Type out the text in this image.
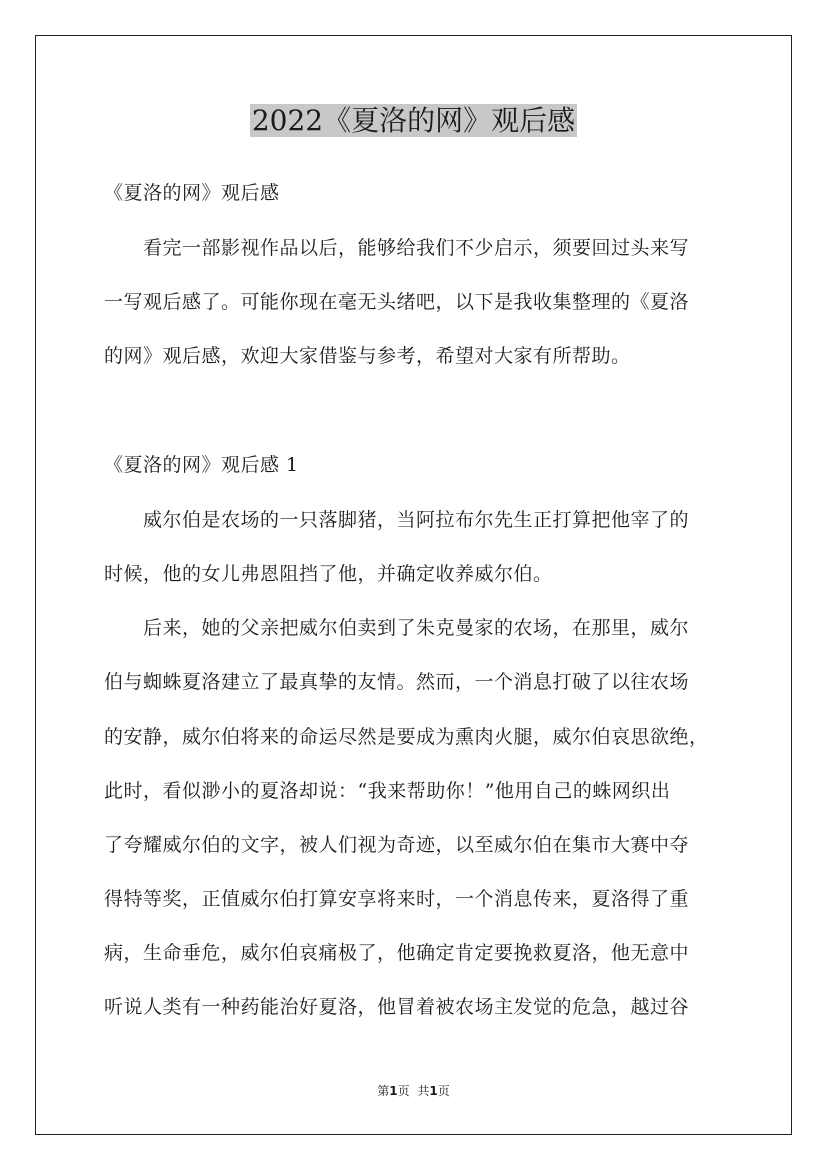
2022《夏洛的网》观后感
《夏洛的网》观后感
看完一部影视作品以后，能够给我们不少启示，须要回过头来写
一写观后感了。可能你现在毫无头绪吧，以下是我收集整理的《夏洛
的网》观后感，欢迎大家借鉴与参考，希望对大家有所帮助。
《夏洛的网》观后感 1
威尔伯是农场的一只落脚猪，当阿拉布尔先生正打算把他宰了的
时候，他的女儿弗恩阻挡了他，并确定收养威尔伯。
后来，她的父亲把威尔伯卖到了朱克曼家的农场，在那里，威尔
伯与蜘蛛夏洛建立了最真挚的友情。然而，一个消息打破了以往农场
的安静，威尔伯将来的命运尽然是要成为熏肉火腿，威尔伯哀思欲绝，
此时，看似渺小的夏洛却说：“我来帮助你！”他用自己的蛛网织出
了夸耀威尔伯的文字，被人们视为奇迹，以至威尔伯在集市大赛中夺
得特等奖，正值威尔伯打算安享将来时，一个消息传来，夏洛得了重
病，生命垂危，威尔伯哀痛极了，他确定肯定要挽救夏洛，他无意中
听说人类有一种药能治好夏洛，他冒着被农场主发觉的危急，越过谷
第1页 共1页
